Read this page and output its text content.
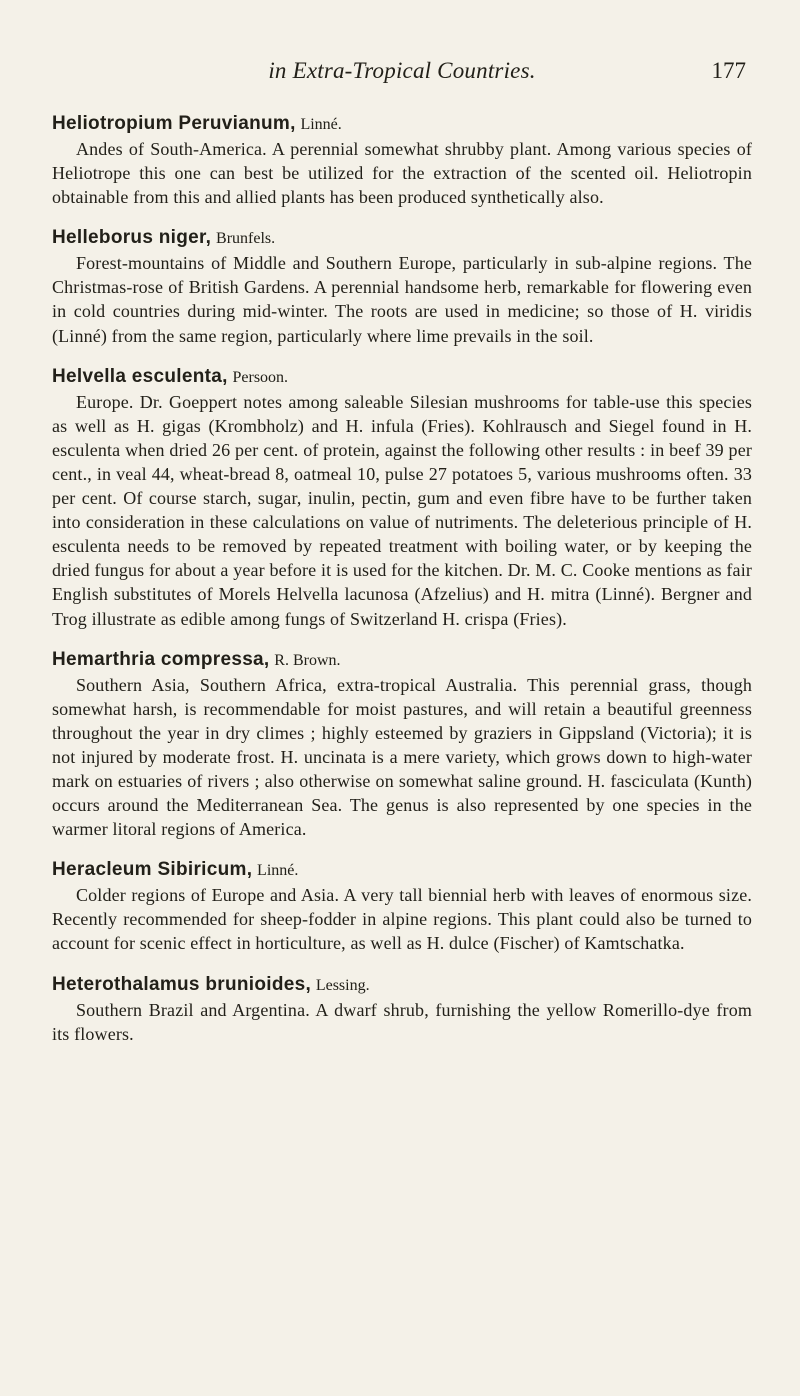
in Extra-Tropical Countries.	177

Heliotropium Peruvianum, Linné.

Andes of South-America. A perennial somewhat shrubby plant. Among various species of Heliotrope this one can best be utilized for the extraction of the scented oil. Heliotropin obtainable from this and allied plants has been produced synthetically also.

Helleborus niger, Brunfels.

Forest-mountains of Middle and Southern Europe, particularly in sub-alpine regions. The Christmas-rose of British Gardens. A perennial handsome herb, remarkable for flowering even in cold countries during mid-winter. The roots are used in medicine; so those of H. viridis (Linné) from the same region, particularly where lime prevails in the soil.

Helvella esculenta, Persoon.

Europe. Dr. Goeppert notes among saleable Silesian mushrooms for table-use this species as well as H. gigas (Krombholz) and H. infula (Fries). Kohlrausch and Siegel found in H. esculenta when dried 26 per cent. of protein, against the following other results : in beef 39 per cent., in veal 44, wheat-bread 8, oatmeal 10, pulse 27 potatoes 5, various mushrooms often. 33 per cent. Of course starch, sugar, inulin, pectin, gum and even fibre have to be further taken into consideration in these calculations on value of nutriments. The deleterious principle of H. esculenta needs to be removed by repeated treatment with boiling water, or by keeping the dried fungus for about a year before it is used for the kitchen. Dr. M. C. Cooke mentions as fair English substitutes of Morels Helvella lacunosa (Afzelius) and H. mitra (Linné). Bergner and Trog illustrate as edible among fungs of Switzerland H. crispa (Fries).

Hemarthria compressa, R. Brown.

Southern Asia, Southern Africa, extra-tropical Australia. This perennial grass, though somewhat harsh, is recommendable for moist pastures, and will retain a beautiful greenness throughout the year in dry climes ; highly esteemed by graziers in Gippsland (Victoria); it is not injured by moderate frost. H. uncinata is a mere variety, which grows down to high-water mark on estuaries of rivers ; also otherwise on somewhat saline ground. H. fasciculata (Kunth) occurs around the Mediterranean Sea. The genus is also represented by one species in the warmer litoral regions of America.

Heracleum Sibiricum, Linné.

Colder regions of Europe and Asia. A very tall biennial herb with leaves of enormous size. Recently recommended for sheep-fodder in alpine regions. This plant could also be turned to account for scenic effect in horticulture, as well as H. dulce (Fischer) of Kamtschatka.

Heterothalamus brunioides, Lessing.

Southern Brazil and Argentina. A dwarf shrub, furnishing the yellow Romerillo-dye from its flowers.
